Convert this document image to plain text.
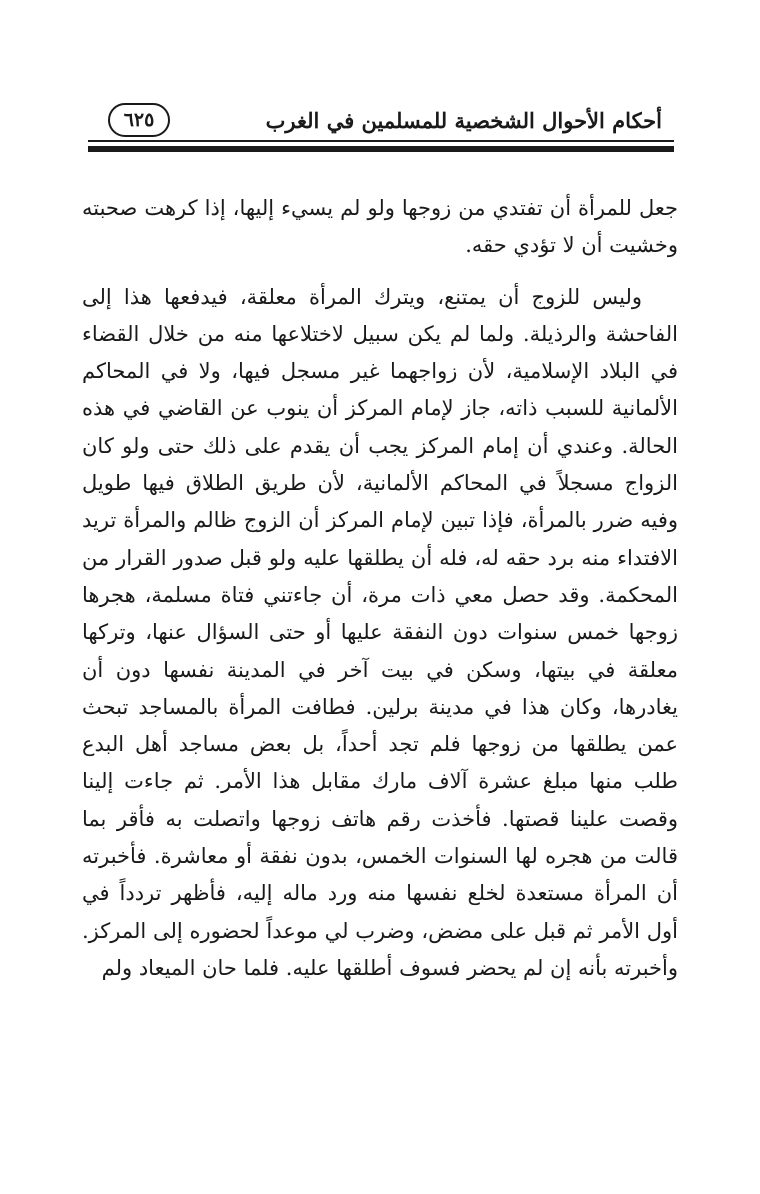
أحكام الأحوال الشخصية للمسلمين في الغرب
٦٢٥

جعل للمرأة أن تفتدي من زوجها ولو لم يسيء إليها، إذا كرهت صحبته وخشيت أن لا تؤدي حقه.

وليس للزوج أن يمتنع، ويترك المرأة معلقة، فيدفعها هذا إلى الفاحشة والرذيلة. ولما لم يكن سبيل لاختلاعها منه من خلال القضاء في البلاد الإسلامية، لأن زواجهما غير مسجل فيها، ولا في المحاكم الألمانية للسبب ذاته، جاز لإمام المركز أن ينوب عن القاضي في هذه الحالة. وعندي أن إمام المركز يجب أن يقدم على ذلك حتى ولو كان الزواج مسجلاً في المحاكم الألمانية، لأن طريق الطلاق فيها طويل وفيه ضرر بالمرأة، فإذا تبين لإمام المركز أن الزوج ظالم والمرأة تريد الافتداء منه برد حقه له، فله أن يطلقها عليه ولو قبل صدور القرار من المحكمة. وقد حصل معي ذات مرة، أن جاءتني فتاة مسلمة، هجرها زوجها خمس سنوات دون النفقة عليها أو حتى السؤال عنها، وتركها معلقة في بيتها، وسكن في بيت آخر في المدينة نفسها دون أن يغادرها، وكان هذا في مدينة برلين. فطافت المرأة بالمساجد تبحث عمن يطلقها من زوجها فلم تجد أحداً، بل بعض مساجد أهل البدع طلب منها مبلغ عشرة آلاف مارك مقابل هذا الأمر. ثم جاءت إلينا وقصت علينا قصتها. فأخذت رقم هاتف زوجها واتصلت به فأقر بما قالت من هجره لها السنوات الخمس، بدون نفقة أو معاشرة. فأخبرته أن المرأة مستعدة لخلع نفسها منه ورد ماله إليه، فأظهر تردداً في أول الأمر ثم قبل على مضض، وضرب لي موعداً لحضوره إلى المركز. وأخبرته بأنه إن لم يحضر فسوف أطلقها عليه. فلما حان الميعاد ولم
